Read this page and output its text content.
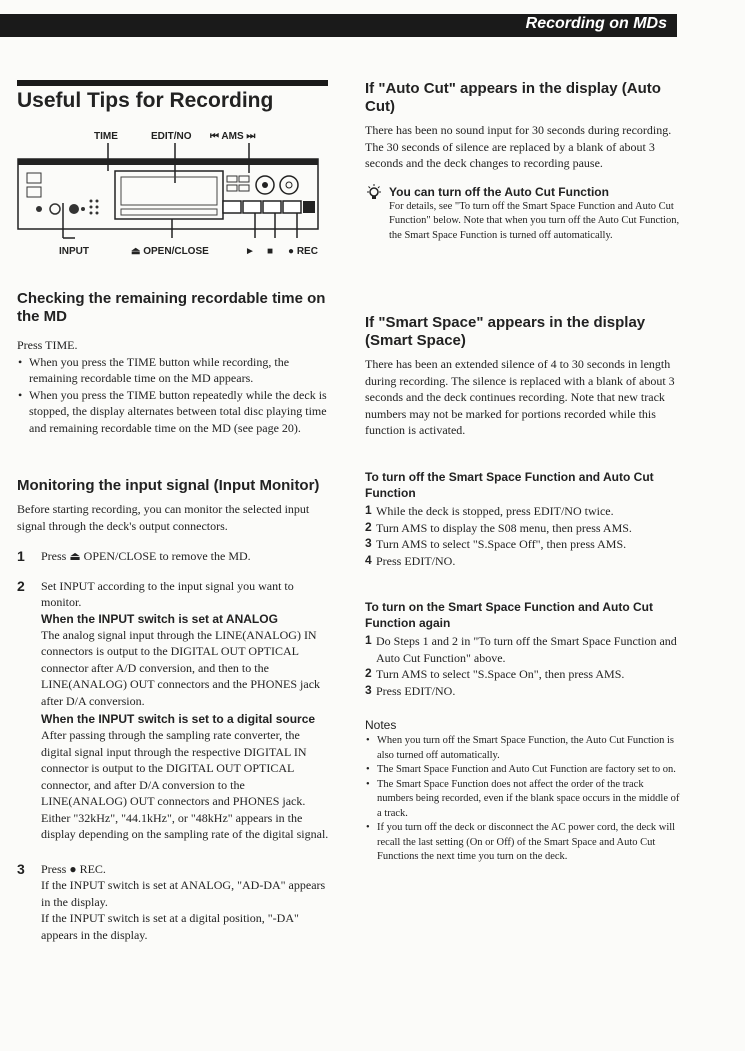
Recording on MDs
Useful Tips for Recording
TIME	EDIT/NO ⏮ AMS ⏭
INPUT	⏏ OPEN/CLOSE	► ■ ● REC
Checking the remaining recordable time on the MD

Press TIME.

• When you press the TIME button while recording, the remaining recordable time on the MD appears.
• When you press the TIME button repeatedly while the deck is stopped, the display alternates between total disc playing time and remaining recordable time on the MD (see page 20).
Monitoring the input signal (Input Monitor)

Before starting recording, you can monitor the selected input signal through the deck's output connectors.

1 Press ⏏ OPEN/CLOSE to remove the MD.

2 Set INPUT according to the input signal you want to monitor.

When the INPUT switch is set at ANALOG

The analog signal input through the LINE(ANALOG) IN connectors is output to the DIGITAL OUT OPTICAL connector after A/D conversion, and then to the LINE(ANALOG) OUT connectors and the PHONES jack after D/A conversion.

When the INPUT switch is set to a digital source

After passing through the sampling rate converter, the digital signal input through the respective DIGITAL IN connector is output to the DIGITAL OUT OPTICAL connector, and after D/A conversion to the LINE(ANALOG) OUT connectors and PHONES jack. Either "32kHz", "44.1kHz", or "48kHz" appears in the display depending on the sampling rate of the digital signal.

3 Press ● REC.

If the INPUT switch is set at ANALOG, "AD-DA" appears in the display.

If the INPUT switch is set at a digital position, "-DA" appears in the display.

If "Auto Cut" appears in the display (Auto Cut)

There has been no sound input for 30 seconds during recording. The 30 seconds of silence are replaced by a blank of about 3 seconds and the deck changes to recording pause.

You can turn off the Auto Cut Function

For details, see "To turn off the Smart Space Function and Auto Cut Function" below. Note that when you turn off the Auto Cut Function, the Smart Space Function is turned off automatically.

If "Smart Space" appears in the display (Smart Space)

There has been an extended silence of 4 to 30 seconds in length during recording. The silence is replaced with a blank of about 3 seconds and the deck continues recording. Note that new track numbers may not be marked for portions recorded while this function is activated.

To turn off the Smart Space Function and Auto Cut Function
1 While the deck is stopped, press EDIT/NO twice.

2 Turn AMS to display the S08 menu, then press AMS.

3 Turn AMS to select "S.Space Off", then press AMS.

4 Press EDIT/NO.

To turn on the Smart Space Function and Auto Cut Function again
1 Do Steps 1 and 2 in "To turn off the Smart Space Function and Auto Cut Function" above.

2 Turn AMS to select "S.Space On", then press AMS.

3 Press EDIT/NO.

Notes
• When you turn off the Smart Space Function, the Auto Cut Function is also turned off automatically.
• The Smart Space Function and Auto Cut Function are factory set to on.
• The Smart Space Function does not affect the order of the track numbers being recorded, even if the blank space occurs in the middle of a track.
• If you turn off the deck or disconnect the AC power cord, the deck will recall the last setting (On or Off) of the Smart Space and Auto Cut Functions the next time you turn on the deck.
